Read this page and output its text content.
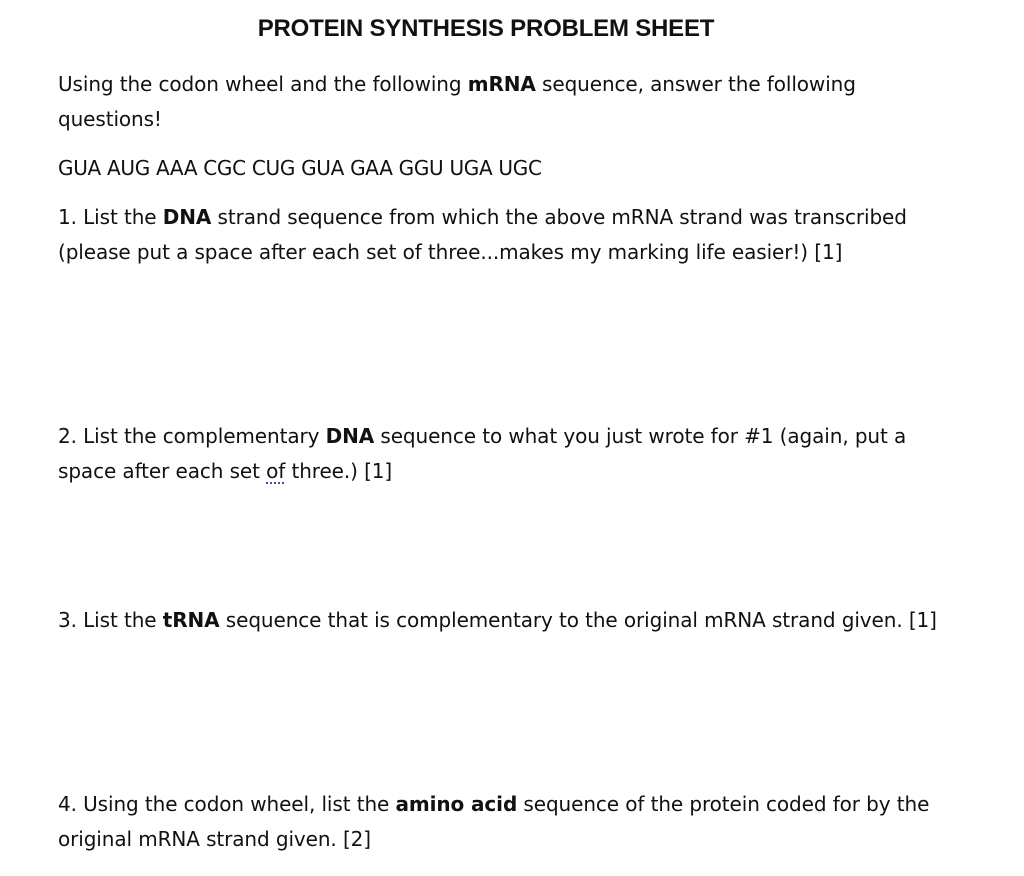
PROTEIN SYNTHESIS PROBLEM SHEET

Using the codon wheel and the following mRNA sequence, answer the following questions!

GUA AUG AAA CGC CUG GUA GAA GGU UGA UGC

1. List the DNA strand sequence from which the above mRNA strand was transcribed (please put a space after each set of three...makes my marking life easier!) [1]

2. List the complementary DNA sequence to what you just wrote for #1 (again, put a space after each set of three.) [1]

3. List the tRNA sequence that is complementary to the original mRNA strand given. [1]

4. Using the codon wheel, list the amino acid sequence of the protein coded for by the original mRNA strand given. [2]
